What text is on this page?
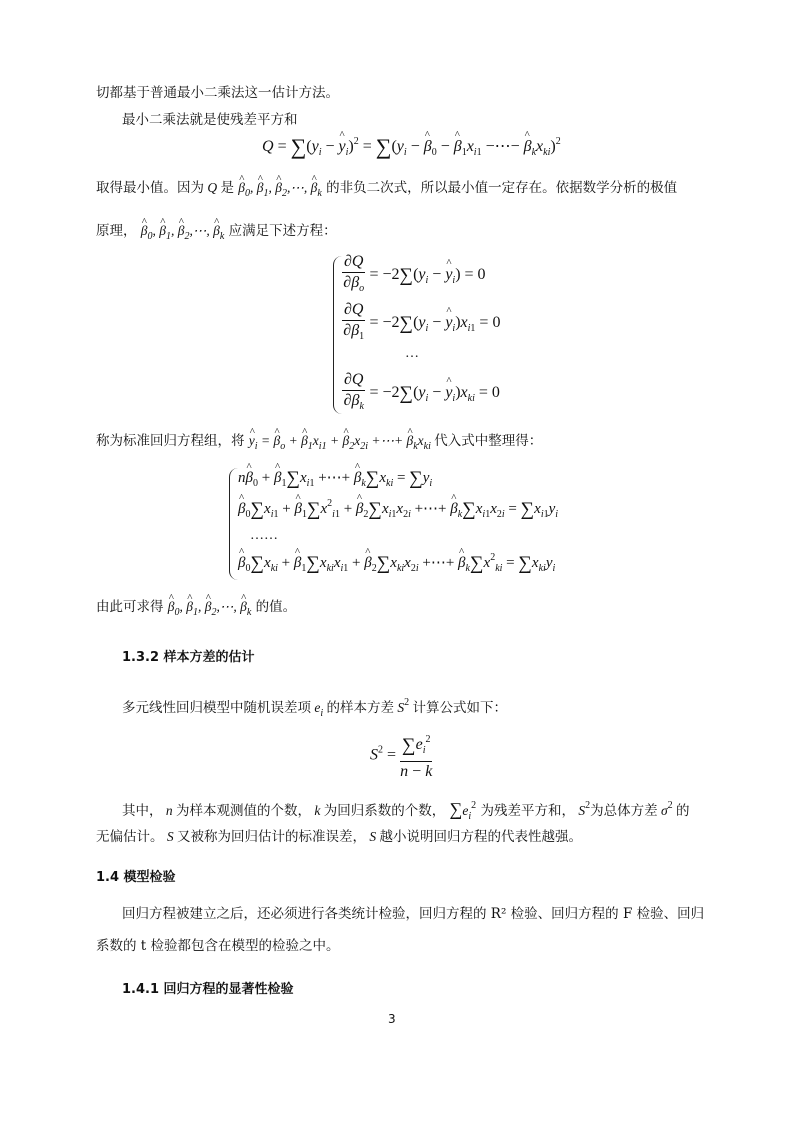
切都基于普通最小二乘法这一估计方法。
最小二乘法就是使残差平方和
$Q = \sum(y_i$ − ^ $y_i)^2 = \sum(y_i$ − ^ $\beta_0$ − ^ $\beta_1x_{i1}$ −⋯− ^ $\beta_kx_{ki})^2$
取得最小值。因为 Q 是 ^ $\beta_0$, ^ $\beta_1$, ^ $\beta_2,\cdots$, ^ $\beta_k$ 的非负二次式，所以最小值一定存在。依据数学分析的极值
原理， ^ $\beta_0$, ^ $\beta_1$, ^ $\beta_2,\cdots$, ^ $\beta_k$ 应满足下述方程：
$\frac{\partial Q}{\partial\beta_o} = -2\sum(y_i$ − ^ $y_i) = 0$
$\frac{\partial Q}{\partial\beta_1} = -2\sum(y_i$ − ^ $y_i)x_{i1} = 0$
…
$\frac{\partial Q}{\partial\beta_k} = -2\sum(y_i$ − ^ $y_i)x_{ki} = 0$
称为标准回归方程组，将 ^ $y_i$ = ^ $\beta_o$ + ^ $\beta_1x_{i1}$ + ^ $\beta_2x_{2i}$ +⋯+ ^ $\beta_kx_{ki}$ 代入式中整理得：
n^ $\beta_0$ + ^ $\beta_1\sum x_{i1}$ +⋯+ ^ $\beta_k\sum x_{ki} = \sum y_i$
^ $\beta_0\sum x_{i1}$ + ^ $\beta_1\sum x^2_{i1}$ + ^ $\beta_2\sum x_{i1}x_{2i}$ +⋯+ ^ $\beta_k\sum x_{i1}x_{2i} = \sum x_{i1}y_i$
……
^ $\beta_0\sum x_{ki}$ + ^ $\beta_1\sum x_{ki}x_{i1}$ + ^ $\beta_2\sum x_{ki}x_{2i}$ +⋯+ ^ $\beta_k\sum x^2_{ki} = \sum x_{ki}y_i$
由此可求得 ^ $\beta_0$, ^ $\beta_1$, ^ $\beta_2,\cdots$, ^ $\beta_k$ 的值。
1.3.2 样本方差的估计
多元线性回归模型中随机误差项 $e_i$ 的样本方差 $S^2$ 计算公式如下：
$S^2 = \frac{\sum e_i^2}{n - k}$
其中， n 为样本观测值的个数， k 为回归系数的个数， $\sum e_i^2$ 为残差平方和， $S^2$为总体方差 $\sigma^2$ 的
无偏估计。 S 又被称为回归估计的标准误差， S 越小说明回归方程的代表性越强。
1.4 模型检验
回归方程被建立之后，还必须进行各类统计检验，回归方程的 R² 检验、回归方程的 F 检验、回归
系数的 t 检验都包含在模型的检验之中。
1.4.1 回归方程的显著性检验
3
